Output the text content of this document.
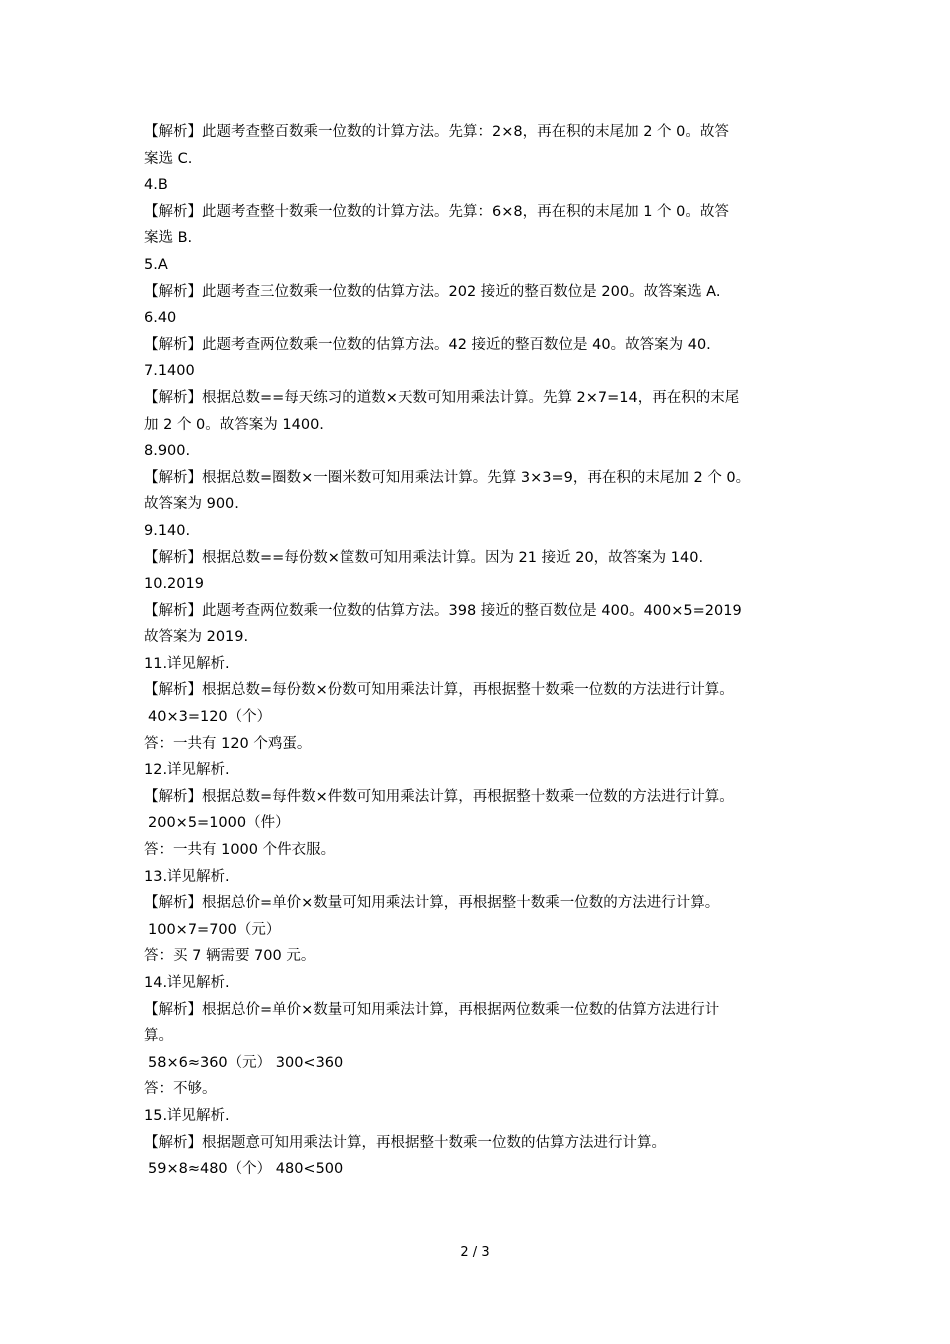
【解析】此题考查整百数乘一位数的计算方法。先算：2×8，再在积的末尾加 2 个 0。故答
案选 C.
4.B
【解析】此题考查整十数乘一位数的计算方法。先算：6×8，再在积的末尾加 1 个 0。故答
案选 B.
5.A
【解析】此题考查三位数乘一位数的估算方法。202 接近的整百数位是 200。故答案选 A.
6.40
【解析】此题考查两位数乘一位数的估算方法。42 接近的整百数位是 40。故答案为 40.
7.1400
【解析】根据总数==每天练习的道数×天数可知用乘法计算。先算 2×7=14，再在积的末尾
加 2 个 0。故答案为 1400.
8.900.
【解析】根据总数=圈数×一圈米数可知用乘法计算。先算 3×3=9，再在积的末尾加 2 个 0。
故答案为 900.
9.140.
【解析】根据总数==每份数×筐数可知用乘法计算。因为 21 接近 20，故答案为 140.
10.2019
【解析】此题考查两位数乘一位数的估算方法。398 接近的整百数位是 400。400×5=2019
故答案为 2019.
11.详见解析.
【解析】根据总数=每份数×份数可知用乘法计算，再根据整十数乘一位数的方法进行计算。
40×3=120（个）
答：一共有 120 个鸡蛋。
12.详见解析.
【解析】根据总数=每件数×件数可知用乘法计算，再根据整十数乘一位数的方法进行计算。
200×5=1000（件）
答：一共有 1000 个件衣服。
13.详见解析.
【解析】根据总价=单价×数量可知用乘法计算，再根据整十数乘一位数的方法进行计算。
100×7=700（元）
答：买 7 辆需要 700 元。
14.详见解析.
【解析】根据总价=单价×数量可知用乘法计算，再根据两位数乘一位数的估算方法进行计
算。
58×6≈360（元） 300<360
答：不够。
15.详见解析.
【解析】根据题意可知用乘法计算，再根据整十数乘一位数的估算方法进行计算。
59×8≈480（个） 480<500
2 / 3
